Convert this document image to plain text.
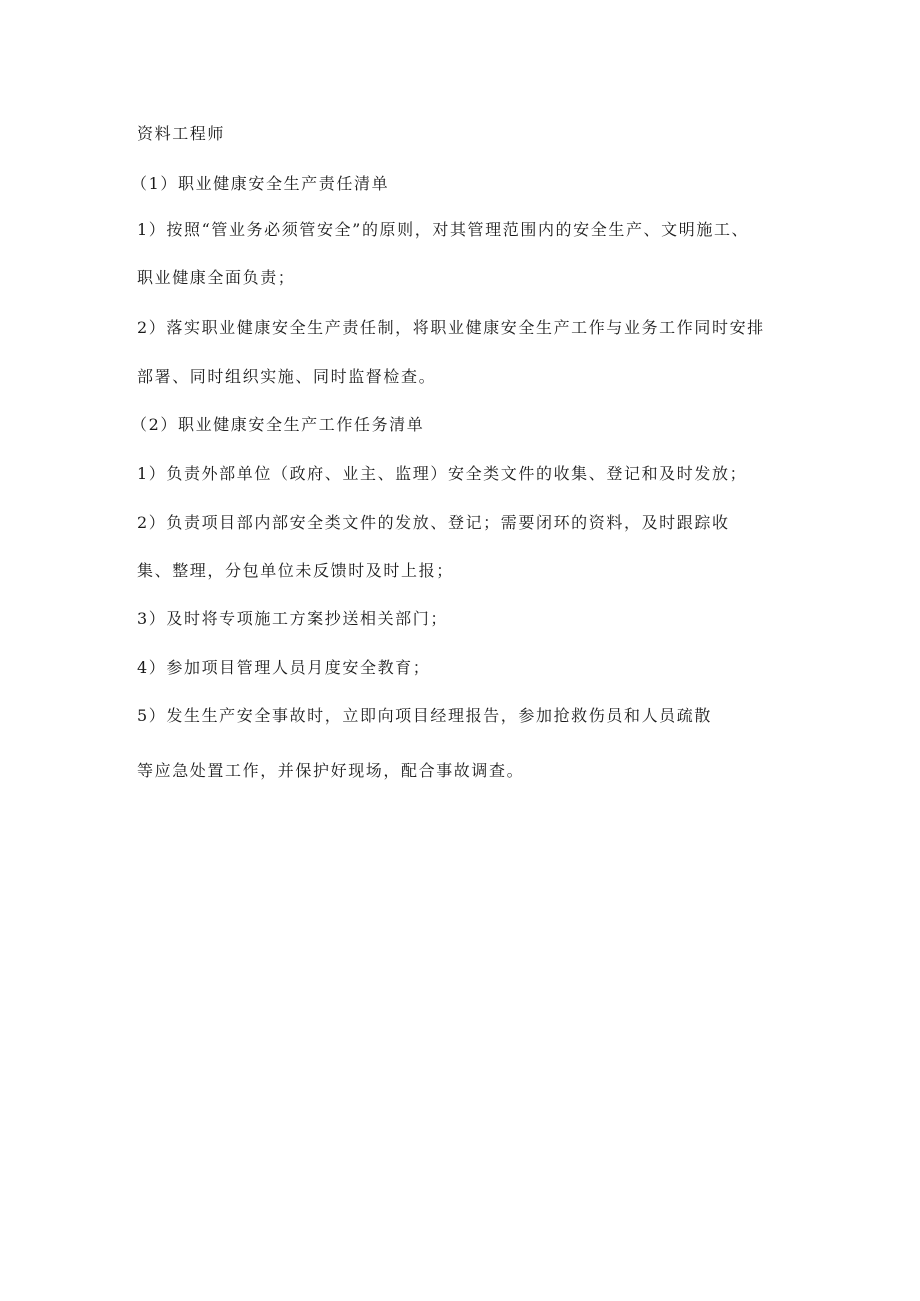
资料工程师
（1）职业健康安全生产责任清单
1）按照“管业务必须管安全”的原则，对其管理范围内的安全生产、文明施工、
职业健康全面负责；
2）落实职业健康安全生产责任制，将职业健康安全生产工作与业务工作同时安排
部署、同时组织实施、同时监督检查。
（2）职业健康安全生产工作任务清单
1）负责外部单位（政府、业主、监理）安全类文件的收集、登记和及时发放；
2）负责项目部内部安全类文件的发放、登记；需要闭环的资料，及时跟踪收
集、整理，分包单位未反馈时及时上报；
3）及时将专项施工方案抄送相关部门；
4）参加项目管理人员月度安全教育；
5）发生生产安全事故时，立即向项目经理报告，参加抢救伤员和人员疏散
等应急处置工作，并保护好现场，配合事故调查。
